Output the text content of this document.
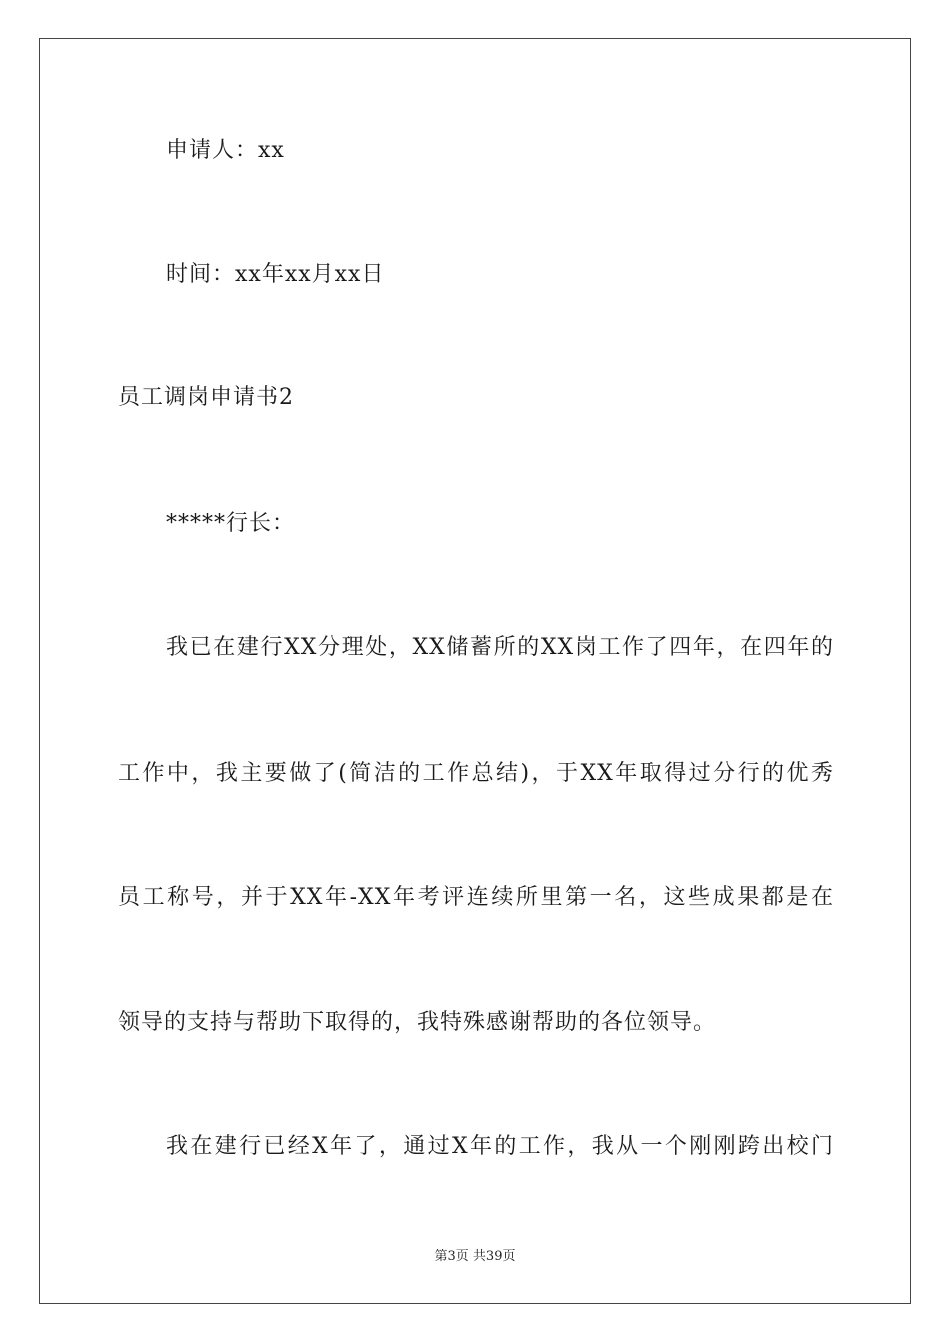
申请人：xx
时间：xx年xx月xx日
员工调岗申请书2
*****行长：
我已在建行XX分理处，XX储蓄所的XX岗工作了四年，在四年的
工作中，我主要做了(简洁的工作总结)，于XX年取得过分行的优秀
员工称号，并于XX年-XX年考评连续所里第一名，这些成果都是在
领导的支持与帮助下取得的，我特殊感谢帮助的各位领导。
我在建行已经X年了，通过X年的工作，我从一个刚刚跨出校门
第3页 共39页
